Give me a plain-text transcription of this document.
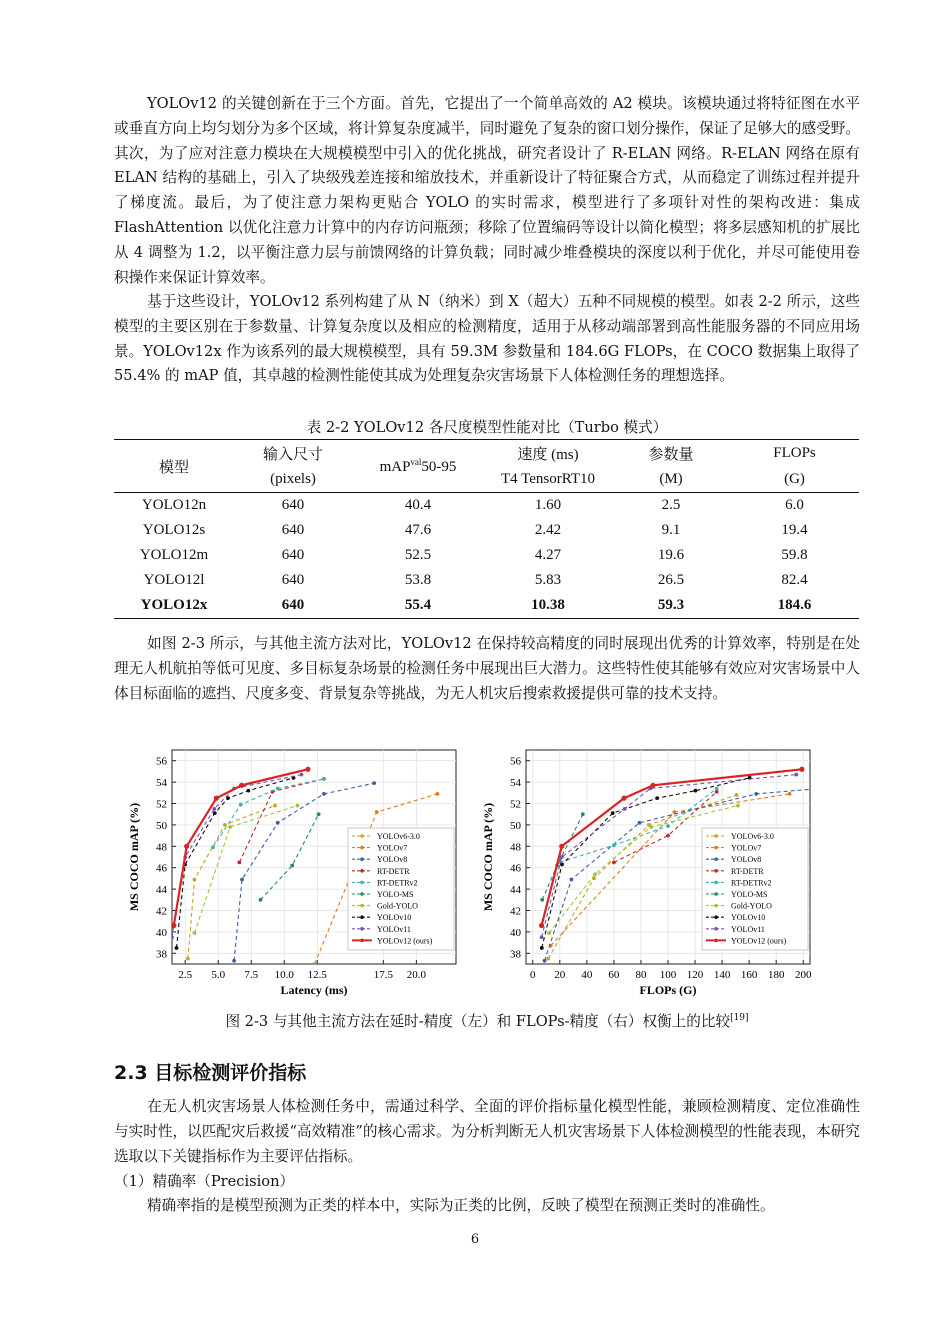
YOLOv12 的关键创新在于三个方面。首先，它提出了一个简单高效的 A2 模块。该模块通过将特征图在水平或垂直方向上均匀划分为多个区域，将计算复杂度减半，同时避免了复杂的窗口划分操作，保证了足够大的感受野。其次，为了应对注意力模块在大规模模型中引入的优化挑战，研究者设计了 R-ELAN 网络。R-ELAN 网络在原有 ELAN 结构的基础上，引入了块级残差连接和缩放技术，并重新设计了特征聚合方式，从而稳定了训练过程并提升了梯度流。最后，为了使注意力架构更贴合 YOLO 的实时需求，模型进行了多项针对性的架构改进：集成 FlashAttention 以优化注意力计算中的内存访问瓶颈；移除了位置编码等设计以简化模型；将多层感知机的扩展比从 4 调整为 1.2，以平衡注意力层与前馈网络的计算负载；同时减少堆叠模块的深度以利于优化，并尽可能使用卷积操作来保证计算效率。

基于这些设计，YOLOv12 系列构建了从 N（纳米）到 X（超大）五种不同规模的模型。如表 2-2 所示，这些模型的主要区别在于参数量、计算复杂度以及相应的检测精度，适用于从移动端部署到高性能服务器的不同应用场景。YOLOv12x 作为该系列的最大规模模型，具有 59.3M 参数量和 184.6G FLOPs，在 COCO 数据集上取得了 55.4% 的 mAP 值，其卓越的检测性能使其成为处理复杂灾害场景下人体检测任务的理想选择。

表 2-2 YOLOv12 各尺度模型性能对比（Turbo 模式）

模型	输入尺寸	mAP$^{val}$50-95	速度 (ms)	参数量	FLOPs
	(pixels)		T4 TensorRT10	(M)	(G)
YOLO12n	640	40.4	1.60	2.5	6.0
YOLO12s	640	47.6	2.42	9.1	19.4
YOLO12m	640	52.5	4.27	19.6	59.8
YOLO12l	640	53.8	5.83	26.5	82.4
YOLO12x	640	55.4	10.38	59.3	184.6

如图 2-3 所示，与其他主流方法对比，YOLOv12 在保持较高精度的同时展现出优秀的计算效率，特别是在处理无人机航拍等低可见度、多目标复杂场景的检测任务中展现出巨大潜力。这些特性使其能够有效应对灾害场景中人体目标面临的遮挡、尺度多变、背景复杂等挑战，为无人机灾后搜索救援提供可靠的技术支持。

38
40
42
44
46
48
50
52
54
56
2.5 5.0 7.5 10.0 12.5	17.5 20.0
Latency (ms)
MS COCO mAP (%)	YOLOv6-3.0
YOLOv7
YOLOv8
RT-DETR
RT-DETRv2
YOLO-MS
Gold-YOLO
YOLOv10
YOLOv11
YOLOv12 (ours)
38
40
42
44
46
48
50
52
54
56
0 20 40 60 80 100 120 140 160 180 200
FLOPs (G)
MS COCO mAP (%)	YOLOv6-3.0
YOLOv7
YOLOv8
RT-DETR
RT-DETRv2
YOLO-MS
Gold-YOLO
YOLOv10
YOLOv11
YOLOv12 (ours)

图 2-3 与其他主流方法在延时-精度（左）和 FLOPs-精度（右）权衡上的比较[19]

2.3 目标检测评价指标

在无人机灾害场景人体检测任务中，需通过科学、全面的评价指标量化模型性能，兼顾检测精度、定位准确性与实时性，以匹配灾后救援“高效精准”的核心需求。为分析判断无人机灾害场景下人体检测模型的性能表现，本研究选取以下关键指标作为主要评估指标。

（1）精确率（Precision）

精确率指的是模型预测为正类的样本中，实际为正类的比例，反映了模型在预测正类时的准确性。

6
